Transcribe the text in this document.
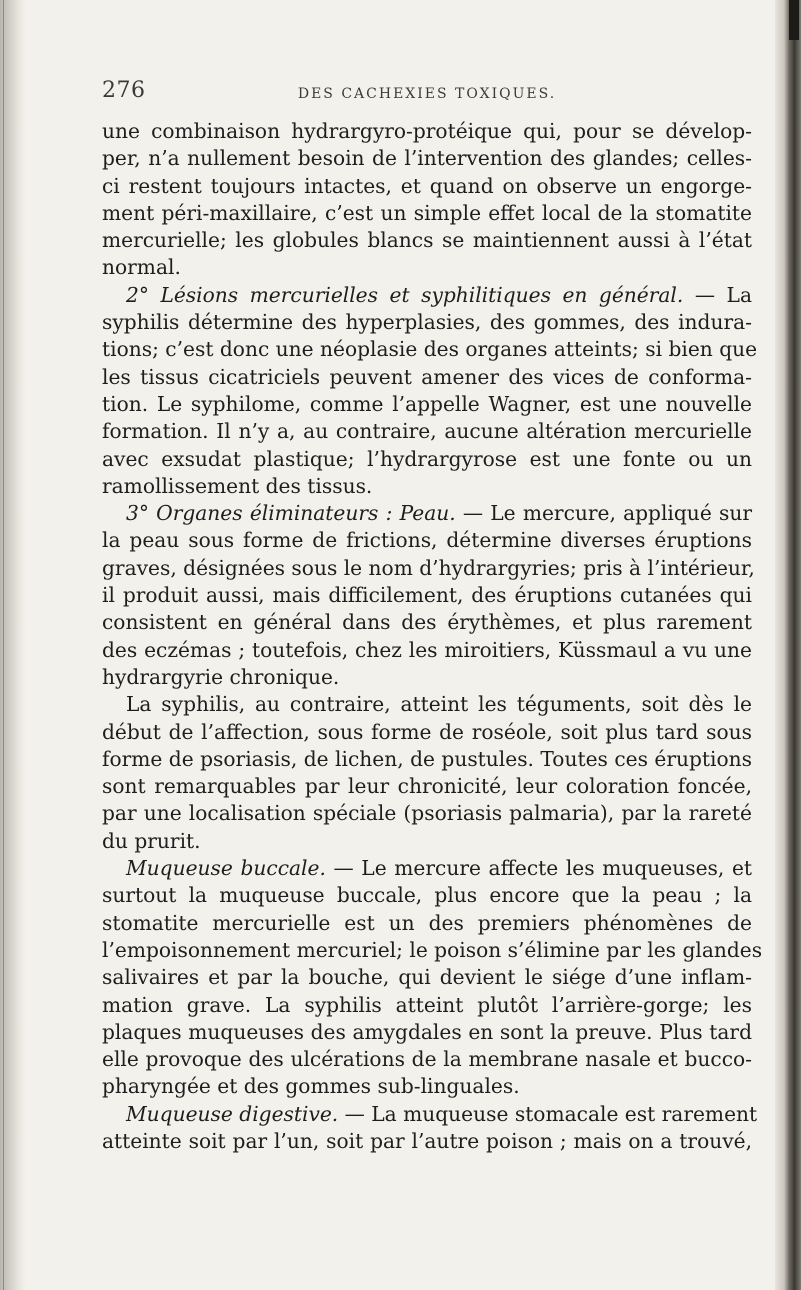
276	DES CACHEXIES TOXIQUES.

une combinaison hydrargyro-protéique qui, pour se dévelop-
per, n’a nullement besoin de l’intervention des glandes; celles-
ci restent toujours intactes, et quand on observe un engorge-
ment péri-maxillaire, c’est un simple effet local de la stomatite
mercurielle; les globules blancs se maintiennent aussi à l’état
normal.

2° Lésions mercurielles et syphilitiques en général. — La
syphilis détermine des hyperplasies, des gommes, des indura-
tions; c’est donc une néoplasie des organes atteints; si bien que
les tissus cicatriciels peuvent amener des vices de conforma-
tion. Le syphilome, comme l’appelle Wagner, est une nouvelle
formation. Il n’y a, au contraire, aucune altération mercurielle
avec exsudat plastique; l’hydrargyrose est une fonte ou un
ramollissement des tissus.

3° Organes éliminateurs : Peau. — Le mercure, appliqué sur
la peau sous forme de frictions, détermine diverses éruptions
graves, désignées sous le nom d’hydrargyries; pris à l’intérieur,
il produit aussi, mais difficilement, des éruptions cutanées qui
consistent en général dans des érythèmes, et plus rarement
des eczémas ; toutefois, chez les miroitiers, Küssmaul a vu une
hydrargyrie chronique.

La syphilis, au contraire, atteint les téguments, soit dès le
début de l’affection, sous forme de roséole, soit plus tard sous
forme de psoriasis, de lichen, de pustules. Toutes ces éruptions
sont remarquables par leur chronicité, leur coloration foncée,
par une localisation spéciale (psoriasis palmaria), par la rareté
du prurit.

Muqueuse buccale. — Le mercure affecte les muqueuses, et
surtout la muqueuse buccale, plus encore que la peau ; la
stomatite mercurielle est un des premiers phénomènes de
l’empoisonnement mercuriel; le poison s’élimine par les glandes
salivaires et par la bouche, qui devient le siége d’une inflam-
mation grave. La syphilis atteint plutôt l’arrière-gorge; les
plaques muqueuses des amygdales en sont la preuve. Plus tard
elle provoque des ulcérations de la membrane nasale et bucco-
pharyngée et des gommes sub-linguales.

Muqueuse digestive. — La muqueuse stomacale est rarement
atteinte soit par l’un, soit par l’autre poison ; mais on a trouvé,
